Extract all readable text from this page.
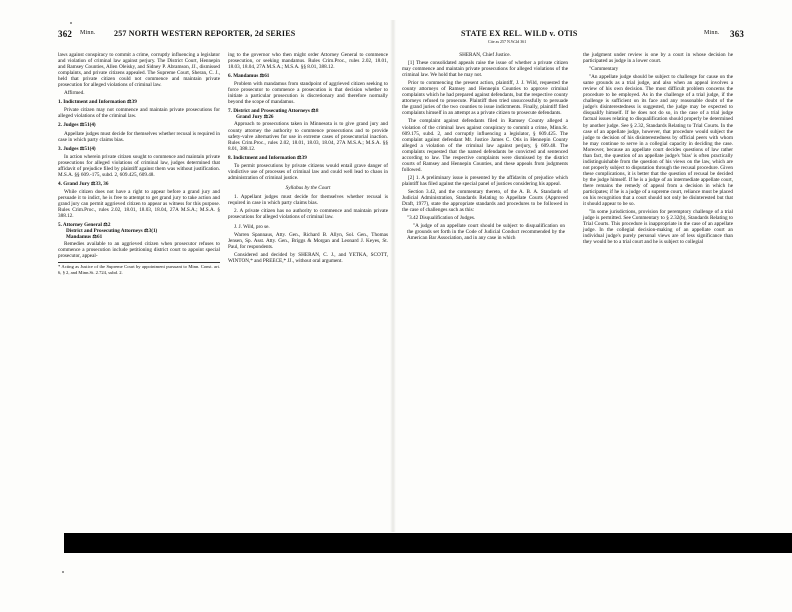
362 Minn. 257 NORTH WESTERN REPORTER, 2d SERIES	STATE EX REL. WILD v. OTIS
Cite as 257 N.W.2d 361
Minn. 363

laws against conspiracy to commit a crime, corruptly influencing a legislator and violation of criminal law against perjury. The District Court, Hennepin and Ramsey Counties, Allen Oleisky, and Sidney P. Abramson, JJ., dismissed complaints, and private citizens appealed. The Supreme Court, Sheran, C. J., held that private citizen could not commence and maintain private prosecution for alleged violations of criminal law.

Affirmed.

1. Indictment and Information ⚖39

Private citizen may not commence and maintain private prosecutions for alleged violations of the criminal law.

2. Judges ⚖51(4)

Appellate judges must decide for themselves whether recusal is required in case in which party claims bias.

3. Judges ⚖51(4)

In action wherein private citizen sought to commence and maintain private prosecutions for alleged violations of criminal law, judges determined that affidavit of prejudice filed by plaintiff against them was without justification. M.S.A. §§ 609.-175, subd. 2, 609.425, 609.48.

4. Grand Jury ⚖33, 36

While citizen does not have a right to appear before a grand jury and persuade it to indict, he is free to attempt to get grand jury to take action and grand jury can permit aggrieved citizen to appear as witness for this purpose. Rules Crim.Proc., rules 2.02, 18.01, 18.03, 18.04, 27A M.S.A.; M.S.A. § 388.12.

5. Attorney General ⚖2

District and Prosecuting Attorneys ⚖3(1)

Mandamus ⚖61

Remedies available to an aggrieved citizen when prosecutor refuses to commence a prosecution include petitioning district court to appoint special prosecutor, appeal-

* Acting as Justice of the Supreme Court by appointment pursuant to Minn. Const. art. 6, § 2, and Minn.St. 2.724, subd. 2.

ing to the governor who then might order Attorney General to commence prosecution, or seeking mandamus. Rules Crim.Proc., rules 2.02, 18.01, 18.03, 18.04, 27A M.S.A.; M.S.A. §§ 8.01, 388.12.

6. Mandamus ⚖61

Problem with mandamus from standpoint of aggrieved citizen seeking to force prosecutor to commence a prosecution is that decision whether to initiate a particular prosecution is discretionary and therefore normally beyond the scope of mandamus.

7. District and Prosecuting Attorneys ⚖8

Grand Jury ⚖26

Approach to prosecutions taken in Minnesota is to give grand jury and county attorney the authority to commence prosecutions and to provide safety-valve alternatives for use in extreme cases of prosecutorial inaction. Rules Crim.Proc., rules 2.02, 18.01, 18.03, 18.04, 27A M.S.A.; M.S.A. §§ 8.01, 388.12.

8. Indictment and Information ⚖39

To permit prosecutions by private citizens would entail grave danger of vindictive use of processes of criminal law and could well lead to chaos in administration of criminal justice.

Syllabus by the Court

1. Appellant judges must decide for themselves whether recusal is required in case in which party claims bias.

2. A private citizen has no authority to commence and maintain private prosecutions for alleged violations of criminal law.

J. J. Wild, pro se.

Warren Spannaus, Atty. Gen., Richard B. Allyn, Sol. Gen., Thomas Jensen, Sp. Asst. Atty. Gen., Briggs & Morgan and Leonard J. Keyes, St. Paul, for respondents.

Considered and decided by SHERAN, C. J., and YETKA, SCOTT, WINTON,* and PREECE,* JJ., without oral argument.

SHERAN, Chief Justice.

[1] These consolidated appeals raise the issue of whether a private citizen may commence and maintain private prosecutions for alleged violations of the criminal law. We hold that he may not.

Prior to commencing the present action, plaintiff, J. J. Wild, requested the county attorneys of Ramsey and Hennepin Counties to approve criminal complaints which he had prepared against defendants, but the respective county attorneys refused to prosecute. Plaintiff then tried unsuccessfully to persuade the grand juries of the two counties to issue indictments. Finally, plaintiff filed complaints himself in an attempt as a private citizen to prosecute defendants.

The complaint against defendants filed in Ramsey County alleged a violation of the criminal laws against conspiracy to commit a crime, Minn.St. 609.175, subd. 2, and corruptly influencing a legislator, § 609.425. The complaint against defendant Mr. Justice James C. Otis in Hennepin County alleged a violation of the criminal law against perjury, § 609.48. The complaints requested that the named defendants be convicted and sentenced according to law. The respective complaints were dismissed by the district courts of Ramsey and Hennepin Counties, and these appeals from judgments followed.

[2] 1. A preliminary issue is presented by the affidavits of prejudice which plaintiff has filed against the special panel of justices considering his appeal.

Section 3.42, and the commentary thereto, of the A. B. A. Standards of Judicial Administration, Standards Relating to Appellate Courts (Approved Draft, 1977), state the appropriate standards and procedures to be followed in the case of challenges such as this:

"3.42 Disqualification of Judges.

"A judge of an appellate court should be subject to disqualification on the grounds set forth in the Code of Judicial Conduct recommended by the American Bar Association, and in any case in which

the judgment under review is one by a court in whose decision he participated as judge in a lower court.

"Commentary

"An appellate judge should be subject to challenge for cause on the same grounds as a trial judge, and also when an appeal involves a review of his own decision. The most difficult problem concerns the procedure to be employed. As in the challenge of a trial judge, if the challenge is sufficient on its face and any reasonable doubt of the judge's disinterestedness is suggested, the judge may be expected to disqualify himself. If he does not do so, in the case of a trial judge factual issues relating to disqualification should properly be determined by another judge. See § 2.32, Standards Relating to Trial Courts. In the case of an appellate judge, however, that procedure would subject the judge to decision of his disinterestedness by official peers with whom he may continue to serve in a collegial capacity in deciding the case. Moreover, because an appellate court decides questions of law rather than fact, the question of an appellate judge's 'bias' is often practically indistinguishable from the question of his views on the law, which are not properly subject to disputation through the recusal procedure. Given these complications, it is better that the question of recusal be decided by the judge himself. If he is a judge of an intermediate appellate court, there remains the remedy of appeal from a decision in which he participates; if he is a judge of a supreme court, reliance must be placed on his recognition that a court should not only be disinterested but that it should appear to be so.

"In some jurisdictions, provision for peremptory challenge of a trial judge is permitted. See Commentary to § 2.32(b), Standards Relating to Trial Courts. This procedure is inappropriate in the case of an appellate judge. In the collegial decision-making of an appellate court an individual judge's purely personal views are of less significance than they would be to a trial court and he is subject to collegial
